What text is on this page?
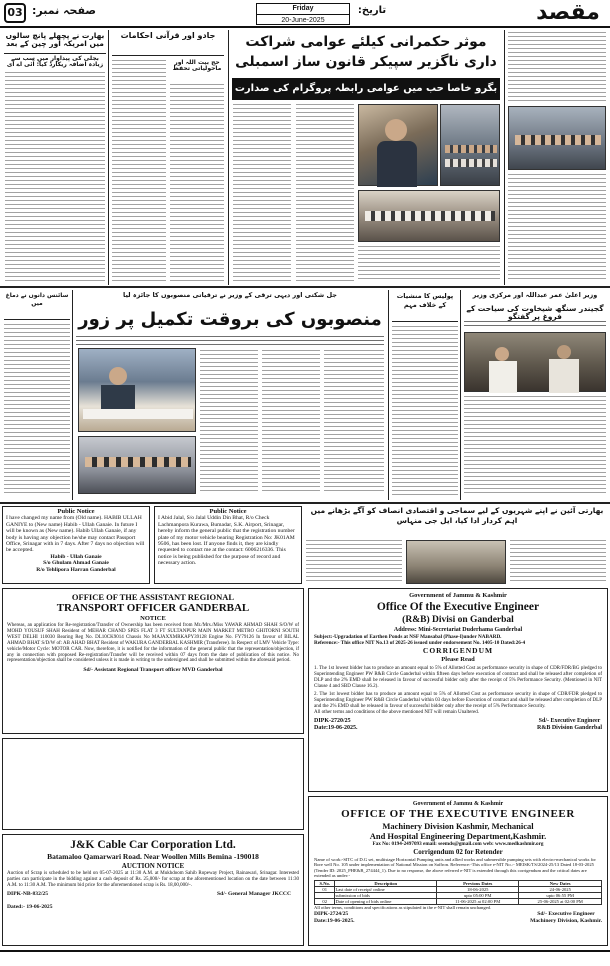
03 صفحہ نمبر:	Friday
20-June-2025
تاریخ:	مقصد
بھارت نے پچھلے پانچ سالوں میں امریکہ اور چین کے بعد
بجلی کی پیداوار میں سب سے زیادہ اضافہ ریکارڈ کیا: آئی اے ای
جادو اور قرآنی احکامات
حج بیت اللہ اور ماحولیاتی تحفظ
موثر حکمرانی کیلئے عوامی شراکت داری ناگزیر سپیکر قانون ساز اسمبلی
بگرو خاصا حب میں عوامی رابطہ پروگرام کی صدارت
سائنس دانوں نے دماغ میں
جل شکتی اور دیہی ترقی کے وزیر نے ترقیاتی منصوبوں کا جائزہ لیا
منصوبوں کی بروقت تکمیل پر زور
پولیس کا منشیات کے خلاف مہم
وزیر اعلیٰ عمر عبداللہ اور مرکزی وزیر
گجیندر سنگھ شیخاوت کی سیاحت کے فروغ پر گفتگو
Public Notice
I have changed my name from (Old name). HABIB ULLAH GANIYE to (New name) Habib - Ullah Ganaie. In future I will be known as (New name). Habib Ullah Ganaie, if any body is having any objection he/she may contact Passport Office, Srinagar with in 7 days. After 7 days no objection will be accepted.
Habib - Ullah Ganaie
S/o Ghulam Ahmad Ganaie
R/o Tehlipora Harran Ganderbal
Public Notice
I Abid Jalal, S/o Jalal Uddin Din Bhat, R/o Check Lachmanpora Kurawa, Bumadar, S.K. Airport, Srinagar, hereby inform the general public that the registration number plate of my motor vehicle bearing Registration No: JK01AM 9506, has been lost. If anyone finds it, they are kindly requested to contact me at the contact: 6006216336. This notice is being published for the purpose of record and necessary action.
بھارتی آئین نے اپنے شہریوں کے لیے سماجی و اقتصادی انصاف کو آگے بڑھانے میں اہم کردار ادا کیا، ایل جی منہاس
OFFICE OF THE ASSISTANT REGIONAL
TRANSPORT OFFICER GANDERBAL
NOTICE
Whereas, an application for Re-registration/Transfer of Ownership has been received from Mr./Mrs./Miss YAWAR AHMAD SHAH S/O/W of MOHD YOUSUF SHAH Resident of MEHAR CHAND SPES FLAT 3 FT SULTANPUR MAIN MARKET METRO GHITORNI SOUTH WEST DELHI 110030 Bearing Reg No. DL10CK9014 Chassis No MAJAXXMRKAPY39128 Engine No. FY79126 In favour of BILAL AHMAD BHAT S/D/W of: AB AHAD BHAT Resident of WAKURA GANDERBAL KASHMIR (Transferee). In Respect of LMV Vehicle Type: vehicle/Motor Cycle: MOTOR CAR. Now, therefore, it is notified for the information of the general public that the representation/objection, if any in connection with proposed Re-registration/Transfer will be received within 07 days from the date of publication of this notice. No representation/objection shall be considered unless it is made in writing to the undersigned and shall be submitted within the aforesaid period.
Sd/- Assistant Regional Transport officer MVD Ganderbal
Government of Jammu & Kashmir
Office Of the Executive Engineer
(R&B) Divisi on Ganderbal
Address: Mini-Secretariat Duderhama Ganderbal
Subject:-Upgradation of Earthen Ponds at NSF Mansabal (Phase-I)under NABARD.
Reference:- This office NIT No.13 of 2025-26 issued under endorsement No. 1405-10 Dated:26-4
CORRIGENDUM
Please Read
1. The 1st lowest bidder has to produce an amount equal to 5% of Allotted Cost as performance security in shape of CDR/FDR/BG pledged to Superintending Engineer PW R&B Circle Ganderbal within fifteen days before execution of contract and shall be released after completion of DLP and the 2% EMD shall be released in favour of successful bidder only after the receipt of 5% Performance Security. (Mentioned in NIT Clause 4 and SBD Clause 16.2).
2. The 1st lowest bidder has to produce an amount equal to 5% of Allotted Cost as performance security in shape of CDR/FDR pledged to Superintending Engineer PW R&B Circle Ganderbal within 03 days before Execution of contract and shall be released after completion of DLP and the 2% EMD shall be released in favour of successful bidder only after the receipt of 5% Performance Security.
All other terms and conditions of the above mentioned NIT will remain Unaltered.
DIPK-2720/25
Date:19-06-2025.
Sd/- Executive Engineer
R&B Division Ganderbal
J&K Cable Car Corporation Ltd.
Batamaloo Qamarwari Road. Near Woollen Mills Bemina -190018
AUCTION NOTICE
Auction of Scrap is scheduled to be held on 05-07-2025 at 11:30 A.M. at Mukhdoom Sahib Ropeway Project, Rainawari, Srinagar. Interested parties can participate in the bidding against a cash deposit of Rs. 25,000/- for scrap at the aforementioned location on the date between 11:30 A.M. to 11:30 A.M. The minimum bid price for the aforementioned scrap is Rs. 18,00,000/-.
DIPK-NB-832/25
Dated:- 19-06-2025
Sd/- General Manager JKCCC
Government of Jammu & Kashmir
OFFICE OF THE EXECUTIVE ENGINEER
Machinery Division Kashmir, Mechanical
And Hospital Engineering Department,Kashmir.
Fax No: 0194-2497093 email: seemds@gmail.com web: www.medkashmir.org
Corrigendum 02 for Retender
Name of work:-SITC of D.G set, multistage Horizontal Pumping units and allied works and submersible pumping sets with electro-mechanical works for Bore well No. 105 under implementation of National Mission on Saffron. Reference:-This office e-NIT No.:- MEISK/TS/2024-25/13 Dated 18-03-2025 (Tender ID: 2025_PHE&B_274444_1). Due to no response, the above referred e-NIT is extended through this corrigendum and the critical dates are extended as under:-
S.No.	Description	Previous Dates	New Dates
01	Last date of receipt/ online	18-06-2025	24-06-2025
	submission of bids	upto 05:00 PM	upto 06:55 PM
02	Date of opening of bids online	11-06-2025 at 02:00 PM	25-06-2025 at 02:00 PM
All other terms, conditions and specifications as stipulated in the e-NIT shall remain unchanged.
DIPK-2724/25
Date:19-06-2025.
Sd/- Executive Engineer
Machinery Division, Kashmir.
